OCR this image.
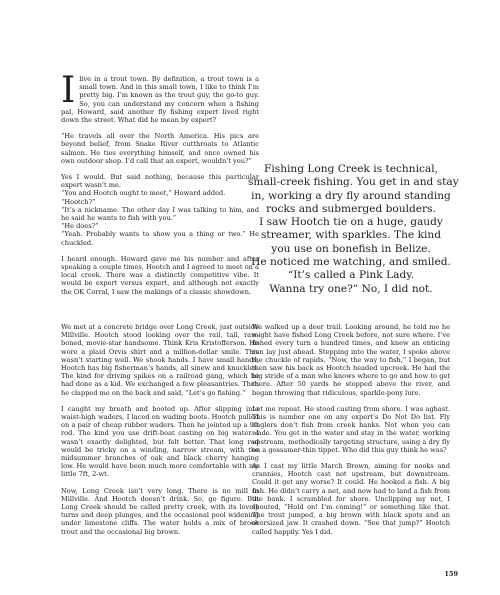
Ilive in a trout town. By definition, a trout town is a small town. And in this small town, I like to think I’m pretty big. I’m known as the trout guy, the go-to guy. So, you can understand my concern when a fishing pal, Howard, said another fly fishing expert lived right down the street. What did he mean by expert?

“He travels all over the North America. His pics are beyond belief, from Snake River cutthroats to Atlantic salmon. He ties everything himself, and once owned his own outdoor shop. I’d call that an expert, wouldn’t you?”

Yes I would. But said nothing, because this particular expert wasn’t me.

“You and Hootch ought to meet,” Howard added.

“Hootch?”

“It’s a nickname. The other day I was talking to him, and he said he wants to fish with you.”

“He does?”

“Yeah. Probably wants to show you a thing or two.” He chuckled.

I heard enough. Howard gave me his number and after speaking a couple times, Hootch and I agreed to meet on a local creek. There was a distinctly competitive vibe. It would be expert versus expert, and although not exactly the OK Corral, I saw the makings of a classic showdown.

Fishing Long Creek is technical,
small-creek fishing. You get in and stay
in, working a dry fly around standing
rocks and submerged boulders.
I saw Hootch tie on a huge, gaudy
streamer, with sparkles. The kind
you use on bonefish in Belize.
He noticed me watching, and smiled.
“It’s called a Pink Lady.
Wanna try one?” No, I did not.

We met at a concrete bridge over Long Creek, just outside Millville. Hootch stood looking over the rail, tall, raw-boned, movie-star handsome. Think Kris Kristofferson. He wore a plaid Orvis shirt and a million-dollar smile. This wasn’t starting well. We shook hands. I have small hands, Hootch has big fisherman’s hands, all sinew and knuckles. The kind for driving spikes on a railroad gang, which he had done as a kid. We exchanged a few pleasantries. Then he clapped me on the back and said, “Let’s go fishing.”

I caught my breath and booted up. After slipping into waist-high waders, I laced on wading boots. Hootch pulled on a pair of cheap rubber waders. Then he jointed up a 9ft rod. The kind you use drift-boat casting on big water. I wasn’t exactly delighted, but felt better. That long rod would be tricky on a winding, narrow stream, with the midsummer branches of oak and black cherry hanging low. He would have been much more comfortable with my little 7ft, 2-wt.

Now, Long Creek isn’t very long. There is no mill in Millville. And Hootch doesn’t drink. So, go figure. But Long Creek should be called pretty creek, with its lovely turns and deep plunges, and the occasional pool widening under limestone cliffs. The water holds a mix of brook trout and the occasional big brown.

We walked up a deer trail. Looking around, he told me he might have fished Long Creek before, not sure where. I’ve fished every turn a hundred times, and knew an enticing run lay just ahead. Stepping into the water, I spoke above the chuckle of rapids. “Now, the way to fish,” I began, but then saw his back as Hootch headed upcreek. He had the big stride of a man who knows where to go and how to get there. After 50 yards he stopped above the river, and began throwing that ridiculous, sparkle-pony lure.

Let me repeat. He stood casting from shore. I was aghast. This is number one on any expert’s Do Not Do list. Fly anglers don’t fish from creek banks. Not when you can wade. You get in the water and stay in the water, working upstream, methodically targeting structure, using a dry fly on a gossamer-thin tippet. Who did this guy think he was?

As I cast my little March Brown, aiming for nooks and crannies, Hootch cast not upstream, but downstream. Could it get any worse? It could. He hooked a fish. A big fish. He didn’t carry a net, and now had to land a fish from the bank. I scrambled for shore. Unclipping my net, I shouted, “Hold on! I’m coming!” or something like that. The trout jumped, a big brown with black spots and an oversized jaw. It crashed down. “See that jump?” Hootch called happily. Yes I did.

159
